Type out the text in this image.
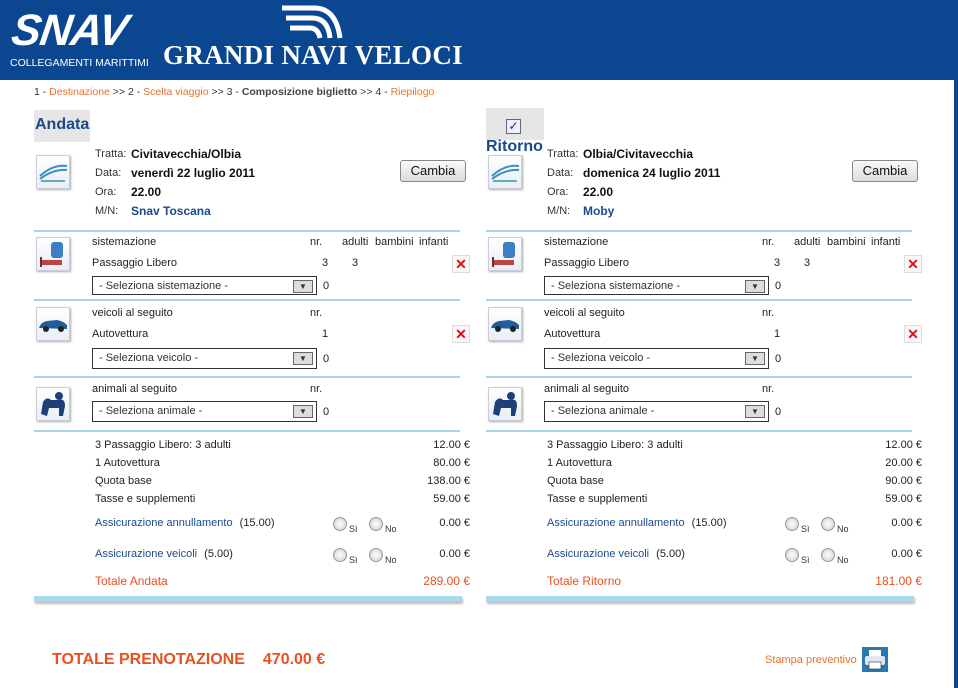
SNAV
COLLEGAMENTI MARITTIMI GRANDI NAVI VELOCI
1 - Destinazione >> 2 - Scelta viaggio >> 3 - Composizione biglietto >> 4 - Riepilogo
Andata
Tratta: Civitavecchia/Olbia
Data: venerdì 22 luglio 2011
Ora: 22.00
M/N: Snav Toscana
Cambia
sistemazione	nr. adulti bambini infanti
Passaggio Libero	3 3	✕
- Seleziona sistemazione -	▼	0
veicoli al seguito	nr.
Autovettura	1	✕
- Seleziona veicolo -	▼	0
animali al seguito	nr.
- Seleziona animale -	▼	0
3 Passaggio Libero: 3 adulti	12.00 €
1 Autovettura	80.00 €
Quota base	138.00 €
Tasse e supplementi	59.00 €
Assicurazione annullamento (15.00)	Sì	No	0.00 €
Assicurazione veicoli (5.00)	Sì	No	0.00 €
Totale Andata	289.00 €
✓
Ritorno Tratta: Olbia/Civitavecchia
Data: domenica 24 luglio 2011
Ora: 22.00
M/N: Moby
Cambia
sistemazione	nr. adulti bambini infanti
Passaggio Libero	3 3	✕
- Seleziona sistemazione -	▼	0
veicoli al seguito	nr.
Autovettura	1	✕
- Seleziona veicolo -	▼	0
animali al seguito	nr.
- Seleziona animale -	▼	0
3 Passaggio Libero: 3 adulti	12.00 €
1 Autovettura	20.00 €
Quota base	90.00 €
Tasse e supplementi	59.00 €
Assicurazione annullamento (15.00)	Sì	No	0.00 €
Assicurazione veicoli (5.00)	Sì	No	0.00 €
Totale Ritorno	181.00 €
TOTALE PRENOTAZIONE 470.00 €	Stampa preventivo
